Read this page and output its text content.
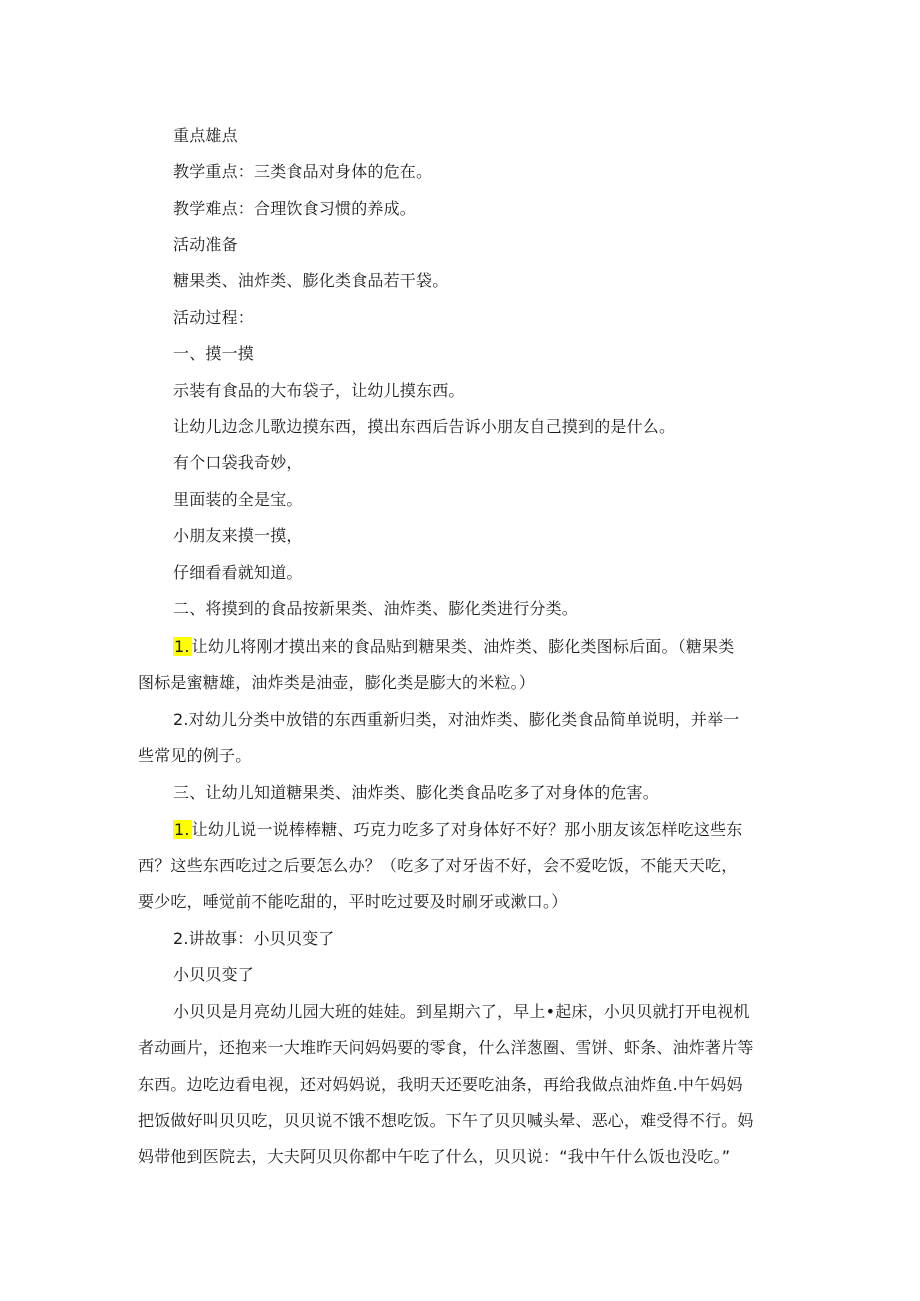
重点雄点
教学重点：三类食品对身体的危在。
教学难点：合理饮食习惯的养成。
活动准备
糖果类、油炸类、膨化类食品若干袋。
活动过程：
一、摸一摸
示装有食品的大布袋子，让幼儿摸东西。
让幼儿边念儿歌边摸东西，摸出东西后告诉小朋友自己摸到的是什么。
有个口袋我奇妙，
里面装的全是宝。
小朋友来摸一摸，
仔细看看就知道。
二、将摸到的食品按新果类、油炸类、膨化类进行分类。
1. 让幼儿将刚才摸出来的食品贴到糖果类、油炸类、膨化类图标后面。（糖果类
图标是蜜糖雄，油炸类是油壶，膨化类是膨大的米粒。）
2.对幼儿分类中放错的东西重新归类，对油炸类、膨化类食品简单说明，并举一
些常见的例子。
三、让幼儿知道糖果类、油炸类、膨化类食品吃多了对身体的危害。
1. 让幼儿说一说棒棒糖、巧克力吃多了对身体好不好？那小朋友该怎样吃这些东
西？这些东西吃过之后要怎么办？（吃多了对牙齿不好，会不爱吃饭，不能天天吃，
要少吃，唾觉前不能吃甜的，平时吃过要及时刷牙或漱口。）
2.讲故事：小贝贝变了
小贝贝变了
小贝贝是月亮幼儿园大班的娃娃。到星期六了，早上•起床，小贝贝就打开电视机
者动画片，还抱来一大堆昨天问妈妈要的零食，什么洋葱圈、雪饼、虾条、油炸著片等
东西。边吃边看电视，还对妈妈说，我明天还要吃油条，再给我做点油炸鱼.中午妈妈
把饭做好叫贝贝吃，贝贝说不饿不想吃饭。下午了贝贝喊头晕、恶心，难受得不行。妈
妈带他到医院去，大夫阿贝贝你都中午吃了什么，贝贝说：“我中午什么饭也没吃。”
